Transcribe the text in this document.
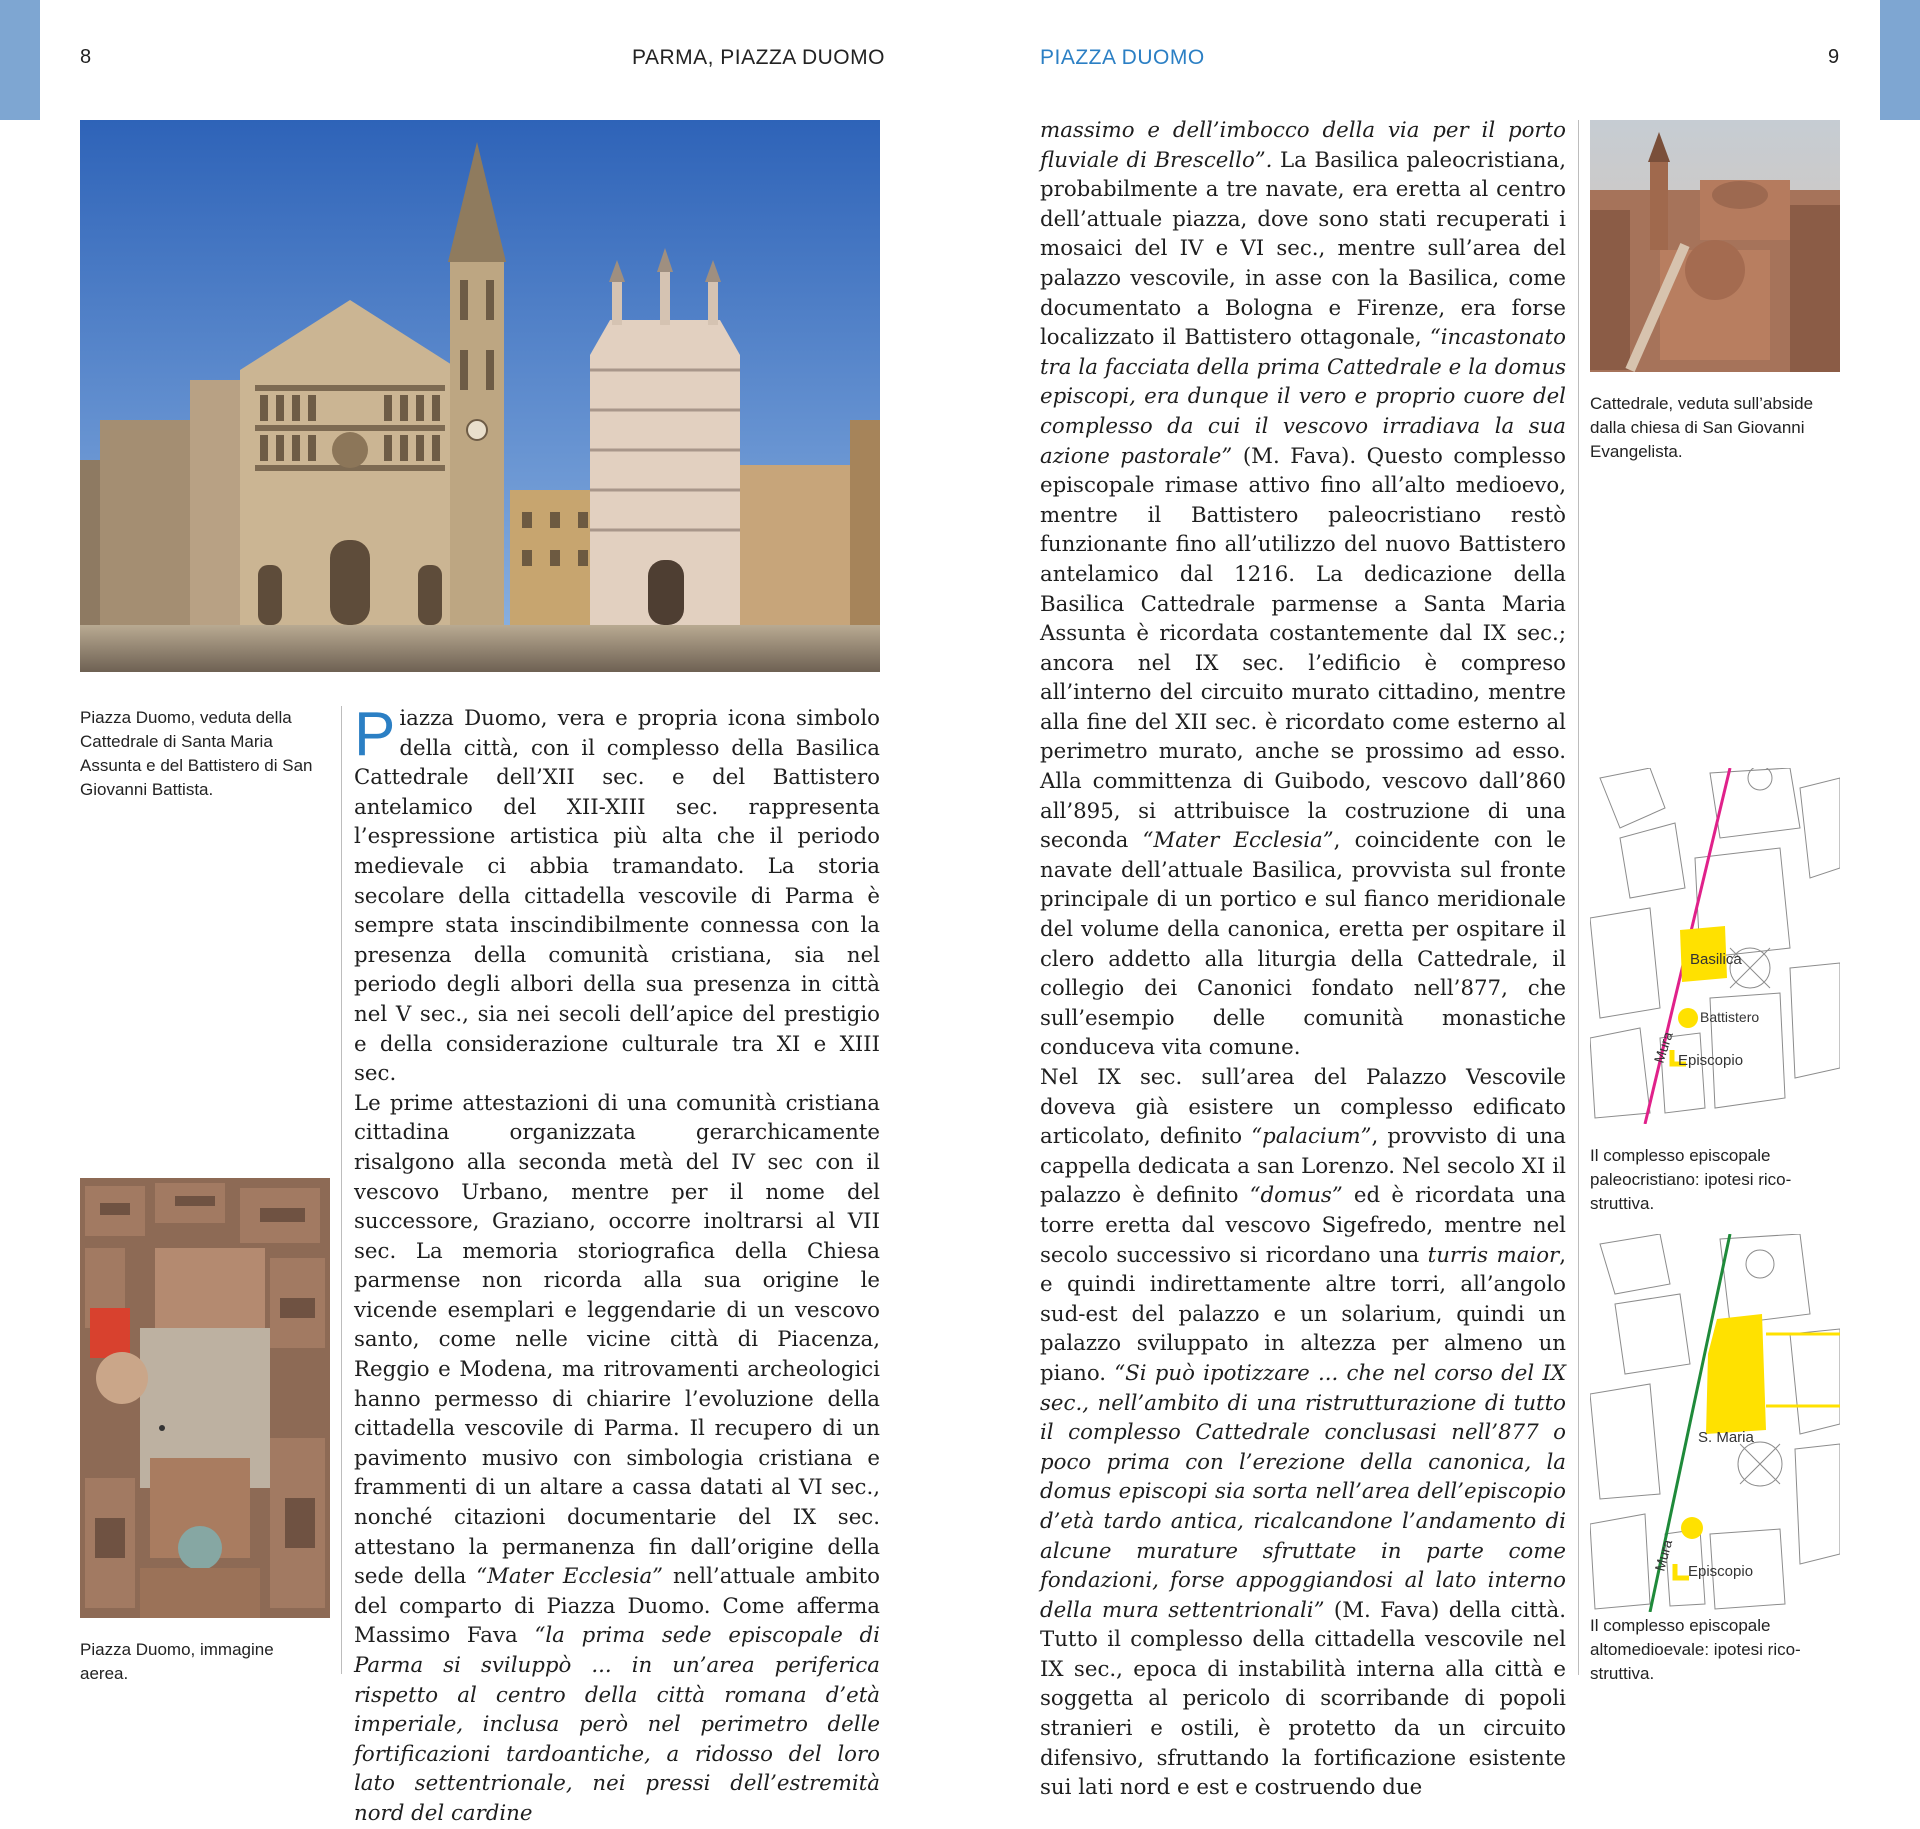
8	PARMA, PIAZZA DUOMO	PIAZZA DUOMO	9
Piazza Duomo, veduta della Cattedrale di Santa Maria Assunta e del Battistero di San Giovanni Battista.
Piazza Duomo, immagine aerea.

Piazza Duomo, vera e propria icona simbolo della città, con il complesso della Basilica Cattedrale dell’XII sec. e del Battistero antelamico del XII-XIII sec. rappresenta l’espressione artistica più alta che il periodo medievale ci abbia tramandato. La storia secolare della cittadella vescovile di Parma è sempre stata inscindibilmente connessa con la presenza della comunità cristiana, sia nel periodo degli albori della sua presenza in città nel V sec., sia nei secoli dell’apice del prestigio e della considerazione culturale tra XI e XIII sec.

Le prime attestazioni di una comunità cristiana cittadina organizzata gerarchicamente risalgono alla seconda metà del IV sec con il vescovo Urbano, mentre per il nome del successore, Graziano, occorre inoltrarsi al VII sec. La memoria storiografica della Chiesa parmense non ricorda alla sua origine le vicende esemplari e leggendarie di un vescovo santo, come nelle vicine città di Piacenza, Reggio e Modena, ma ritrovamenti archeologici hanno permesso di chiarire l’evoluzione della cittadella vescovile di Parma. Il recupero di un pavimento musivo con simbologia cristiana e frammenti di un altare a cassa datati al VI sec., nonché citazioni documentarie del IX sec. attestano la permanenza fin dall’origine della sede della “Mater Ecclesia” nell’attuale ambito del comparto di Piazza Duomo. Come afferma Massimo Fava “la prima sede episcopale di Parma si sviluppò ... in un’area periferica rispetto al centro della città romana d’età imperiale, inclusa però nel perimetro delle fortificazioni tardoantiche, a ridosso del loro lato settentrionale, nei pressi dell’estremità nord del cardine

massimo e dell’imbocco della via per il porto fluviale di Brescello”. La Basilica paleocristiana, probabilmente a tre navate, era eretta al centro dell’attuale piazza, dove sono stati recuperati i mosaici del IV e VI sec., mentre sull’area del palazzo vescovile, in asse con la Basilica, come documentato a Bologna e Firenze, era forse localizzato il Battistero ottagonale, “incastonato tra la facciata della prima Cattedrale e la domus episcopi, era dunque il vero e proprio cuore del complesso da cui il vescovo irradiava la sua azione pastorale” (M. Fava). Questo complesso episcopale rimase attivo fino all’alto medioevo, mentre il Battistero paleocristiano restò funzionante fino all’utilizzo del nuovo Battistero antelamico dal 1216. La dedicazione della Basilica Cattedrale parmense a Santa Maria Assunta è ricordata costantemente dal IX sec.; ancora nel IX sec. l’edificio è compreso all’interno del circuito murato cittadino, mentre alla fine del XII sec. è ricordato come esterno al perimetro murato, anche se prossimo ad esso. Alla committenza di Guibodo, vescovo dall’860 all’895, si attribuisce la costruzione di una seconda “Mater Ecclesia”, coincidente con le navate dell’attuale Basilica, provvista sul fronte principale di un portico e sul fianco meridionale del volume della canonica, eretta per ospitare il clero addetto alla liturgia della Cattedrale, il collegio dei Canonici fondato nell’877, che sull’esempio delle comunità monastiche conduceva vita comune.

Nel IX sec. sull’area del Palazzo Vescovile doveva già esistere un complesso edificato articolato, definito “palacium”, provvisto di una cappella dedicata a san Lorenzo. Nel secolo XI il palazzo è definito “domus” ed è ricordata una torre eretta dal vescovo Sigefredo, mentre nel secolo successivo si ricordano una turris maior, e quindi indirettamente altre torri, all’angolo sud-est del palazzo e un solarium, quindi un palazzo sviluppato in altezza per almeno un piano. “Si può ipotizzare ... che nel corso del IX sec., nell’ambito di una ristrutturazione di tutto il complesso Cattedrale conclusasi nell’877 o poco prima con l’erezione della canonica, la domus episcopi sia sorta nell’area dell’episcopio d’età tardo antica, ricalcandone l’andamento di alcune murature sfruttate in parte come fondazioni, forse appoggiandosi al lato interno della mura settentrionali” (M. Fava) della città. Tutto il complesso della cittadella vescovile nel IX sec., epoca di instabilità interna alla città e soggetta al pericolo di scorribande di popoli stranieri e ostili, è protetto da un circuito difensivo, sfruttando la fortificazione esistente sui lati nord e est e costruendo due

Cattedrale, veduta sull’abside dalla chiesa di San Giovanni Evangelista.
Basilica
Battistero
Episcopio
Mura
Il complesso episcopale paleocristiano: ipotesi rico-struttiva.
S. Maria
Episcopio
Mura
Il complesso episcopale altomedioevale: ipotesi rico-struttiva.
